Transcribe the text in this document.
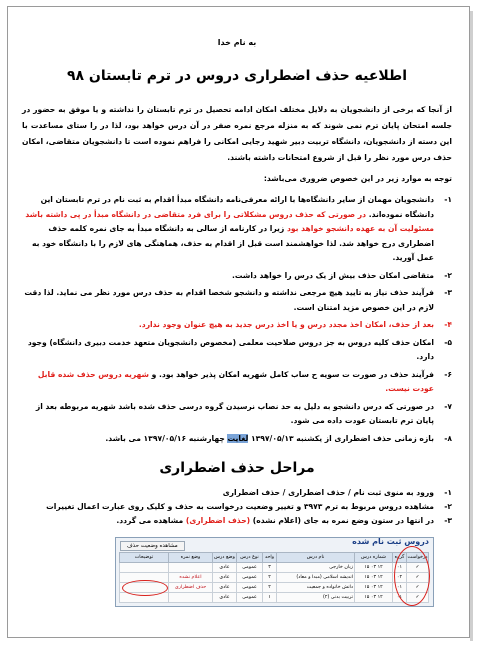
به نام خدا
اطلاعیه حذف اضطراری دروس در ترم تابستان ۹۸
از آنجا که برخی از دانشجویان به دلایل مختلف امکان ادامه تحصیل در ترم تابستان را نداشته و یا موفق به حضور در جلسه امتحان پایان ترم نمی شوند که به منزله مرجع نمره صفر در آن درس خواهد بود، لذا در را ستای مساعدت با این دسته از دانشجویان، دانشگاه تربیت دبیر شهید رجایی امکانی را فراهم نموده است تا دانشجویان متقاضی، امکان حذف درس مورد نظر را قبل از شروع امتحانات داشته باشند.
توجه به موارد زیر در این خصوص ضروری می‌باشد:
۱-
دانشجویان مهمان از سایر دانشگاه‌ها با ارائه معرفی‌نامه دانشگاه مبدأ اقدام به ثبت نام در ترم تابستان این دانشگاه نموده‌اند. در صورتی که حذف دروس مشکلاتی را برای فرد متقاضی در دانشگاه مبدأ در پی داشته باشد مسئولیت آن به عهده دانشجو خواهد بود زیرا در کارنامه از سالی به دانشگاه مبدأ به جای نمره کلمه حذف اضطراری درج خواهد شد. لذا خواهشمند است قبل از اقدام به حذف، هماهنگی های لازم را با دانشگاه خود به عمل آورید.
۲-
متقاضی امکان حذف بیش از یک درس را خواهد داشت.
۳-
فرآیند حذف نیاز به تایید هیچ مرجعی نداشته و دانشجو شخصا اقدام به حذف درس مورد نظر می نماید. لذا دقت لازم در این خصوص مزید امتنان است.
۴-
بعد از حذف، امکان اخذ مجدد درس و یا اخذ درس جدید به هیچ عنوان وجود ندارد.
۵-
امکان حذف کلیه دروس به جز دروس صلاحیت معلمی (مخصوص دانشجویان متعهد خدمت دبیری دانشگاه) وجود دارد.
۶-
فرآیند حذف در صورت ت سویه ح ساب کامل شهریه امکان پذیر خواهد بود. و شهریه دروس حذف شده قابل عودت نیست.
۷-
در صورتی که درس دانشجو به دلیل به حد نصاب نرسیدن گروه درسی حذف شده باشد شهریه مربوطه بعد از پایان ترم تابستان عودت داده می شود.
۸-
بازه زمانی حذف اضطراری از یکشنبه ۱۳۹۷/۰۵/۱۳ لغایت چهارشنبه ۱۳۹۷/۰۵/۱۶ می باشد.
مراحل حذف اضطراری
۱-
ورود به منوی ثبت نام / حذف اضطراری / حذف اضطراری
۲-
مشاهده دروس مربوط به ترم ۳۹۷۳ و تغییر وضعیت درخواست به حذف و کلیک روی عبارت اعمال تغییرات
۳-
در انتها در ستون وضع نمره به جای (اعلام نشده) (حذف اضطراری) مشاهده می گردد.
دروس ثبت نام شده
مشاهده وضعیت حذف
درخواست	گروه	شماره درس	نام درس	واحد	نوع درس	وضع درس	وضع نمره	توضیحات
✓	۰۱	۱۲ ۰۳ ۱۵	زبان خارجی	۳	عمومی	عادی		
✓	۰۲	۱۲ ۰۳ ۱۵	اندیشه اسلامی (مبدا و معاد)	۲	عمومی	عادی	اعلام نشده	
✓	۰۱	۱۲ ۰۳ ۱۵	دانش خانواده و جمعیت	۲	عمومی	عادی	حذف اضطراری	
✓	۰۱	۱۲ ۰۳ ۱۵	تربیت بدنی (۲)	۱	عمومی	عادی		
